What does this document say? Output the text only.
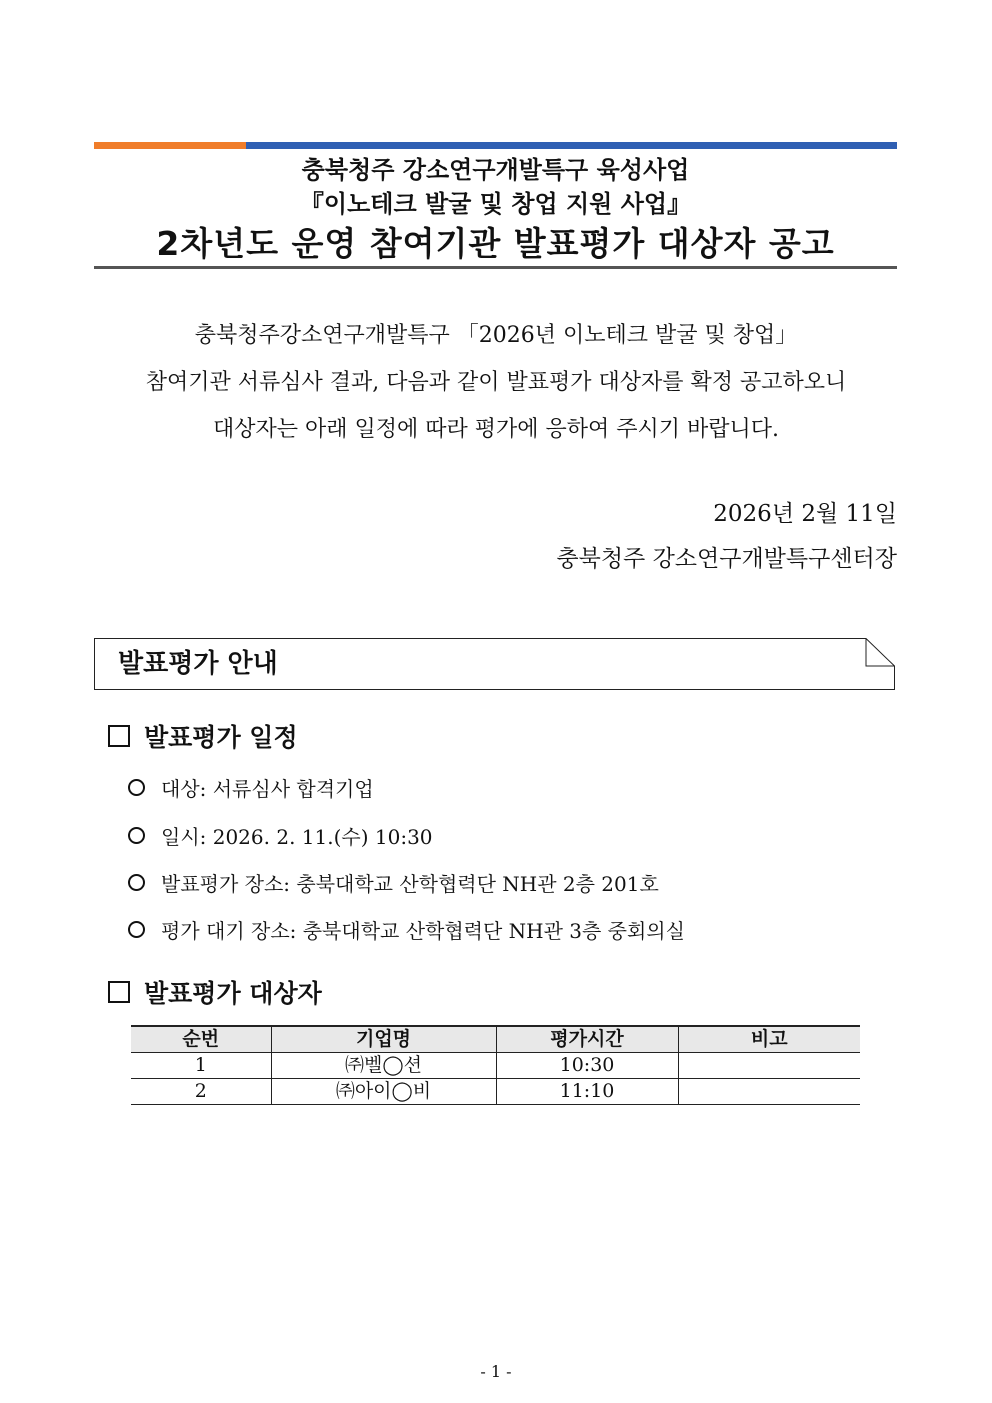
충북청주 강소연구개발특구 육성사업
『이노테크 발굴 및 창업 지원 사업』
2차년도 운영 참여기관 발표평가 대상자 공고
충북청주강소연구개발특구 「2026년 이노테크 발굴 및 창업」
참여기관 서류심사 결과, 다음과 같이 발표평가 대상자를 확정 공고하오니
대상자는 아래 일정에 따라 평가에 응하여 주시기 바랍니다.
2026년 2월 11일
충북청주 강소연구개발특구센터장
발표평가 안내
발표평가 일정
대상: 서류심사 합격기업
일시: 2026. 2. 11.(수) 10:30
발표평가 장소: 충북대학교 산학협력단 NH관 2층 201호
평가 대기 장소: 충북대학교 산학협력단 NH관 3층 중회의실
발표평가 대상자
순번	기업명	평가시간	비고
1	㈜벨◯션	10:30	
2	㈜아이◯비	11:10	
- 1 -
